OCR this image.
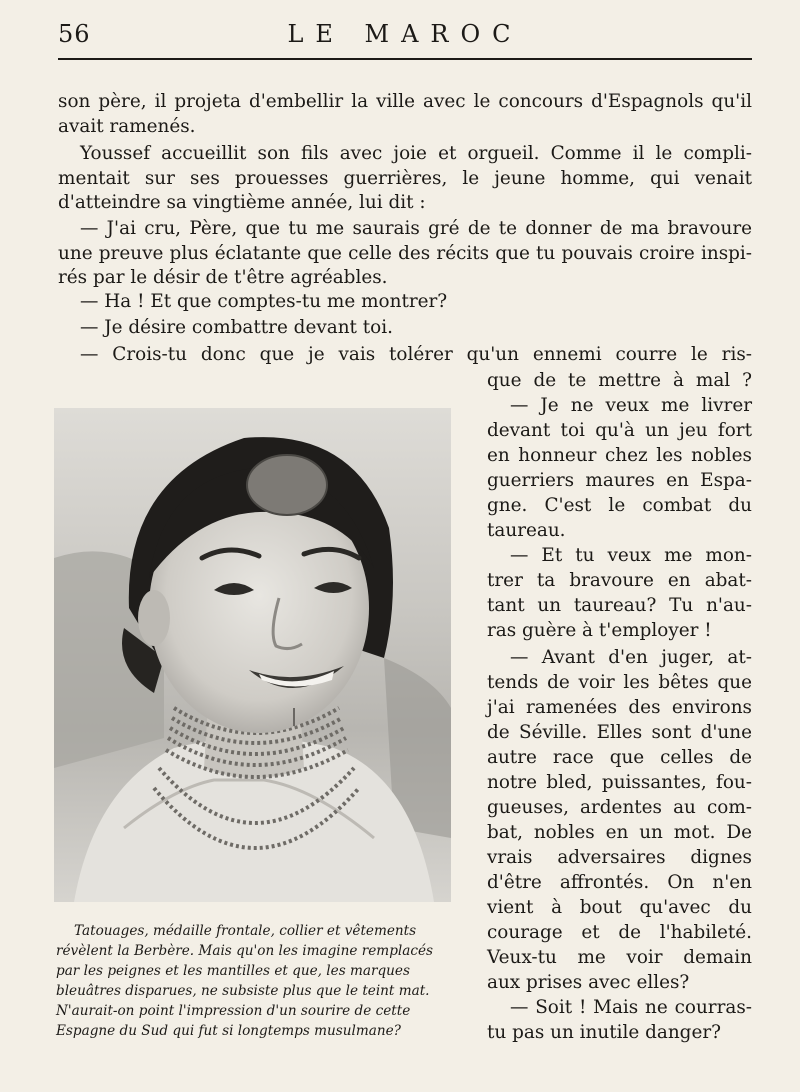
56	LE MAROC
son père, il projeta d'embellir la ville avec le concours d'Espagnols qu'il
avait ramenés.
Youssef accueillit son fils avec joie et orgueil. Comme il le compli-
mentait sur ses prouesses guerrières, le jeune homme, qui venait
d'atteindre sa vingtième année, lui dit :
— J'ai cru, Père, que tu me saurais gré de te donner de ma bravoure
une preuve plus éclatante que celle des récits que tu pouvais croire inspi-
rés par le désir de t'être agréables.
— Ha ! Et que comptes-tu me montrer?
— Je désire combattre devant toi.
— Crois-tu donc que je vais tolérer qu'un ennemi courre le ris-
que de te mettre à mal ?
— Je ne veux me livrer
devant toi qu'à un jeu fort
en honneur chez les nobles
guerriers maures en Espa-
gne. C'est le combat du
taureau.
— Et tu veux me mon-
trer ta bravoure en abat-
tant un taureau? Tu n'au-
ras guère à t'employer !
— Avant d'en juger, at-
tends de voir les bêtes que
j'ai ramenées des environs
de Séville. Elles sont d'une
autre race que celles de
notre bled, puissantes, fou-
gueuses, ardentes au com-
bat, nobles en un mot. De
vrais adversaires dignes
d'être affrontés. On n'en
vient à bout qu'avec du
courage et de l'habileté.
Veux-tu me voir demain
aux prises avec elles?
— Soit ! Mais ne courras-
tu pas un inutile danger?
Tatouages, médaille frontale, collier et vêtements
révèlent la Berbère. Mais qu'on les imagine remplacés
par les peignes et les mantilles et que, les marques
bleuâtres disparues, ne subsiste plus que le teint mat.
N'aurait-on point l'impression d'un sourire de cette
Espagne du Sud qui fut si longtemps musulmane?
